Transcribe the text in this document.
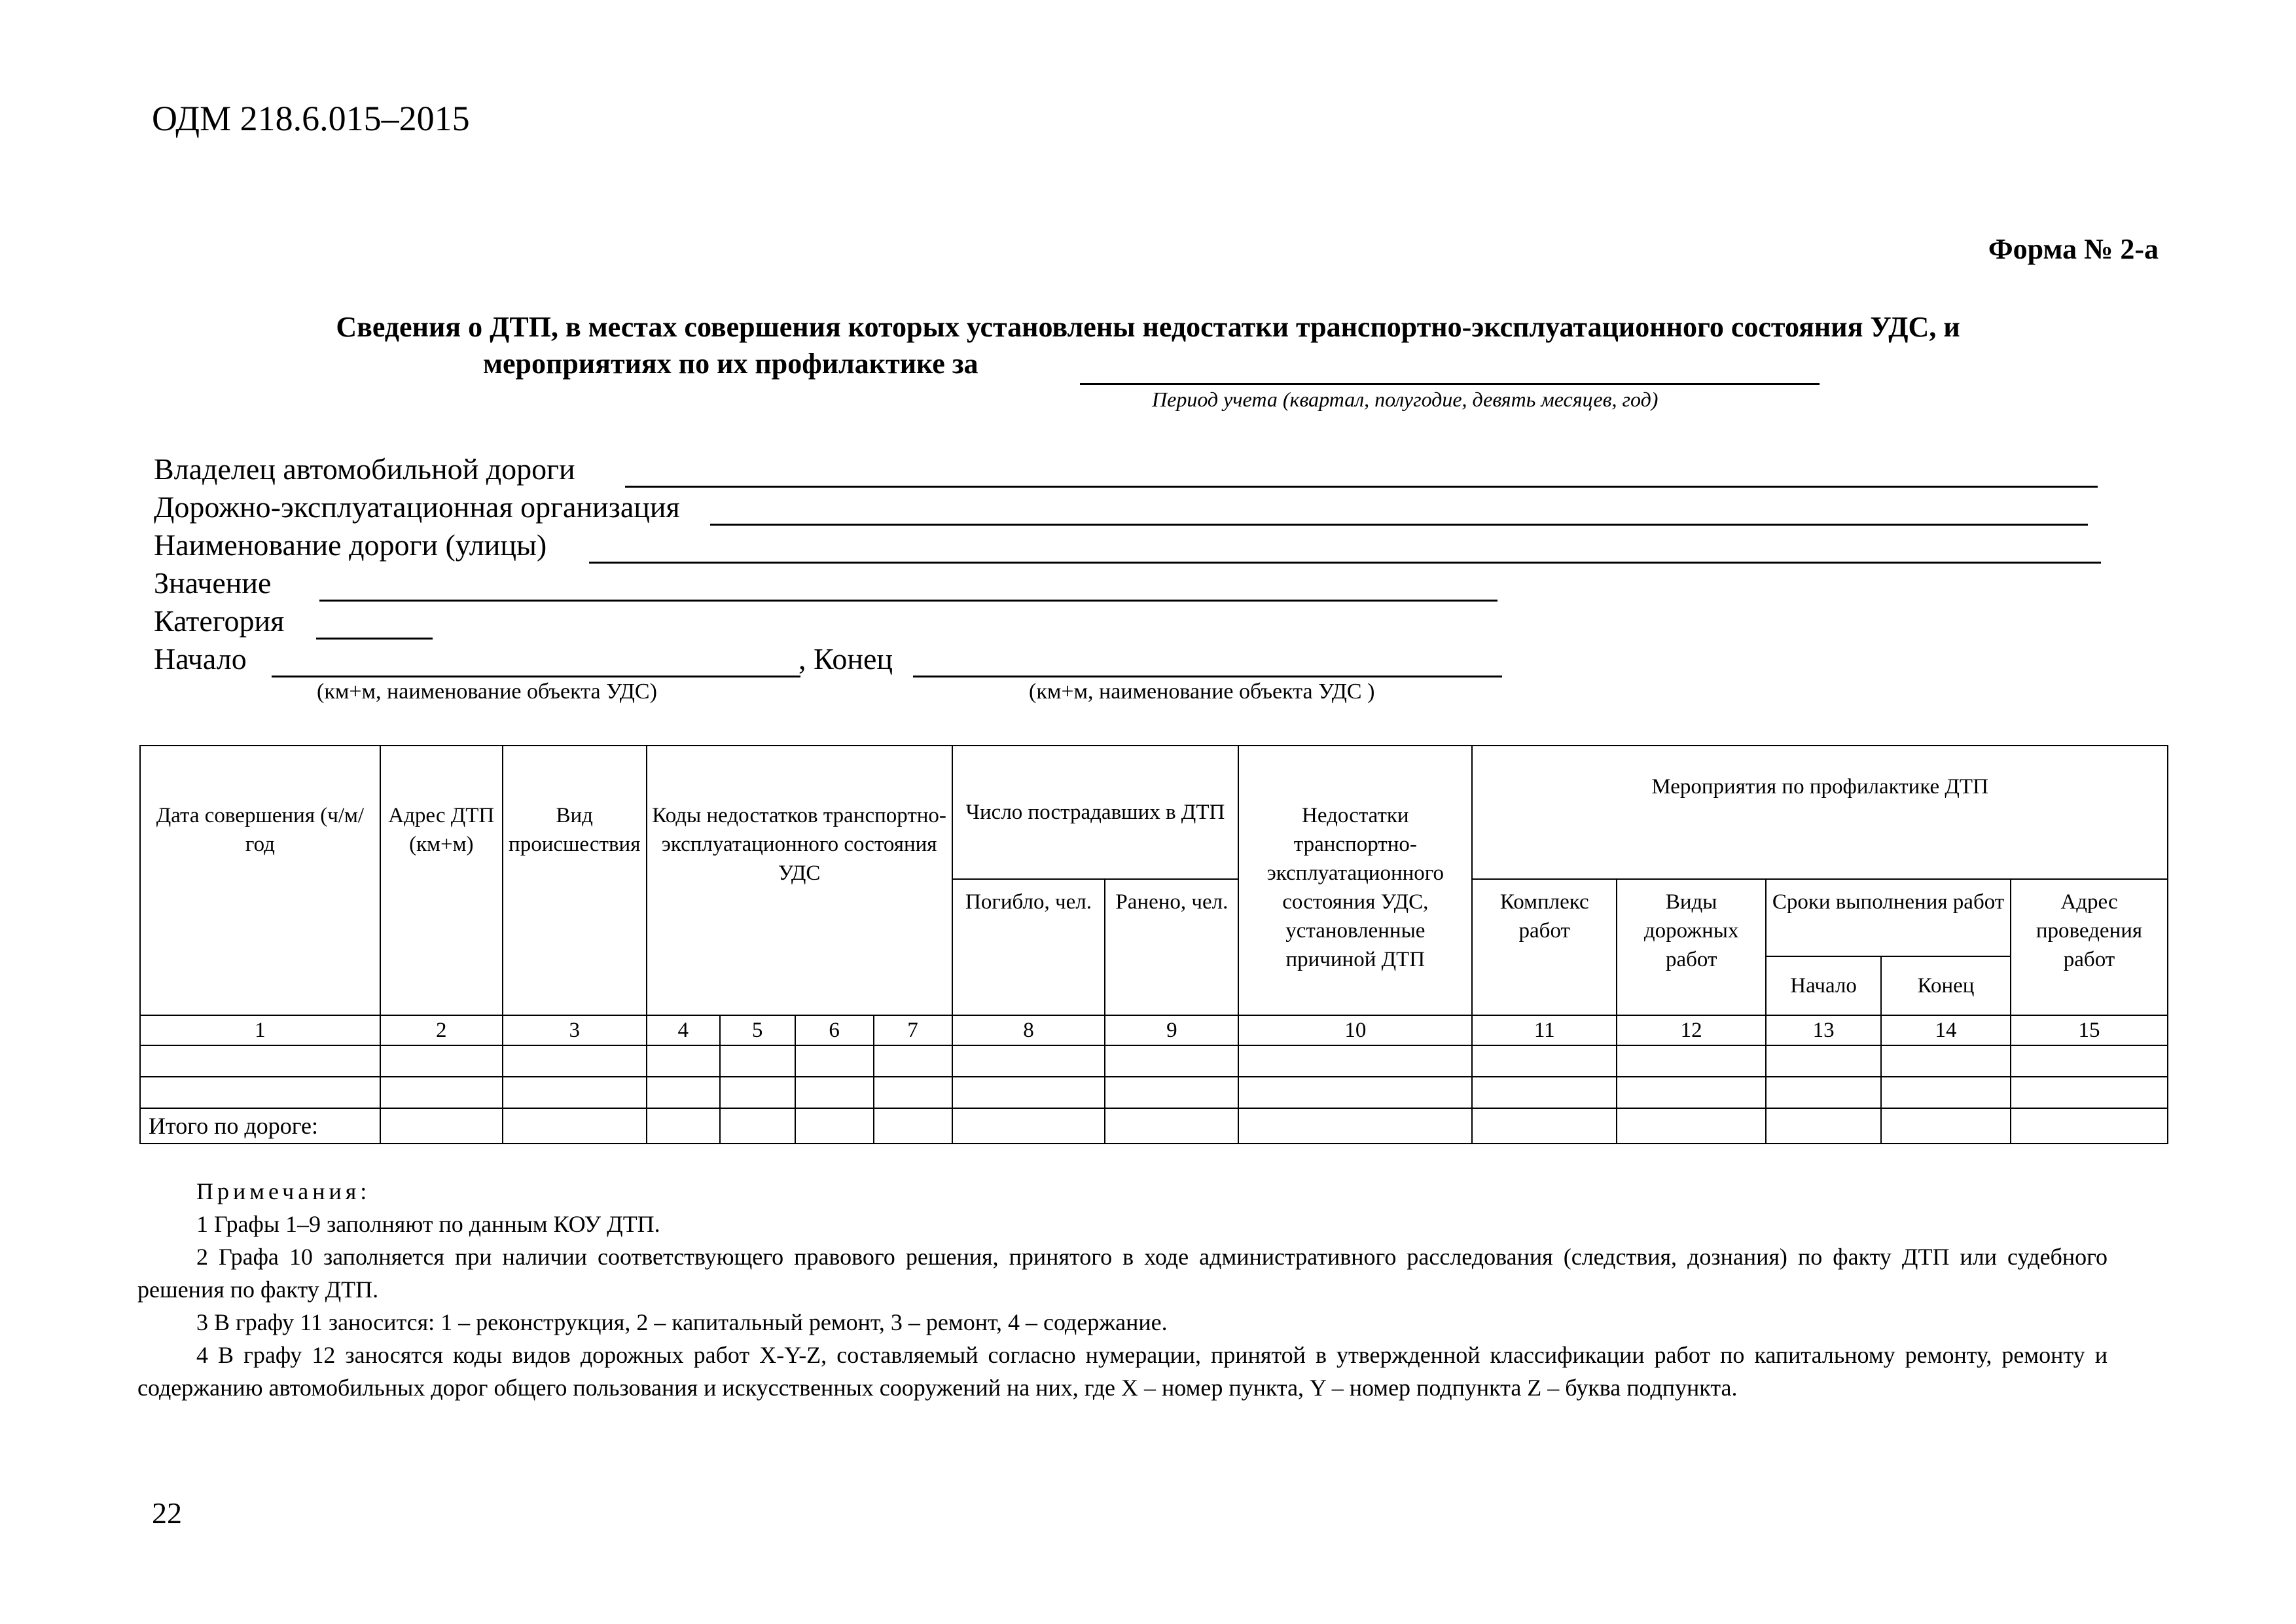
ОДМ 218.6.015–2015
Форма № 2-а
Сведения о ДТП, в местах совершения которых установлены недостатки транспортно-эксплуатационного состояния УДС, и
мероприятиях по их профилактике за
Период учета (квартал, полугодие, девять месяцев, год)
Владелец автомобильной дороги
Дорожно-эксплуатационная организация
Наименование дороги (улицы)
Значение
Категория
Начало	, Конец
(км+м, наименование объекта УДС)	(км+м, наименование объекта УДС )
Дата совершения (ч/м/год	Адрес ДТП (км+м)	Вид происшествия	Коды недостатков транспортно-эксплуатационного состояния УДС				Число пострадавших в ДТП		Недостатки транспортно-эксплуатационного состояния УДС, установленные причиной ДТП	Мероприятия по профилактике ДТП				
							Погибло, чел.	Ранено, чел.		Комплекс работ	Виды дорожных работ	Сроки выполнения работ		Адрес проведения работ
												Начало	Конец	
1	2	3	4	5	6	7	8	9	10	11	12	13	14	15

Итого по дороге:														

Примечания:

1 Графы 1–9 заполняют по данным КОУ ДТП.

2 Графа 10 заполняется при наличии соответствующего правового решения, принятого в ходе административного расследования (следствия, дознания) по факту ДТП или судебного решения по факту ДТП.

3 В графу 11 заносится: 1 – реконструкция, 2 – капитальный ремонт, 3 – ремонт, 4 – содержание.

4 В графу 12 заносятся коды видов дорожных работ X-Y-Z, составляемый согласно нумерации, принятой в утвержденной классификации работ по капитальному ремонту, ремонту и содержанию автомобильных дорог общего пользования и искусственных сооружений на них, где X – номер пункта, Y – номер подпункта Z – буква подпункта.

22
